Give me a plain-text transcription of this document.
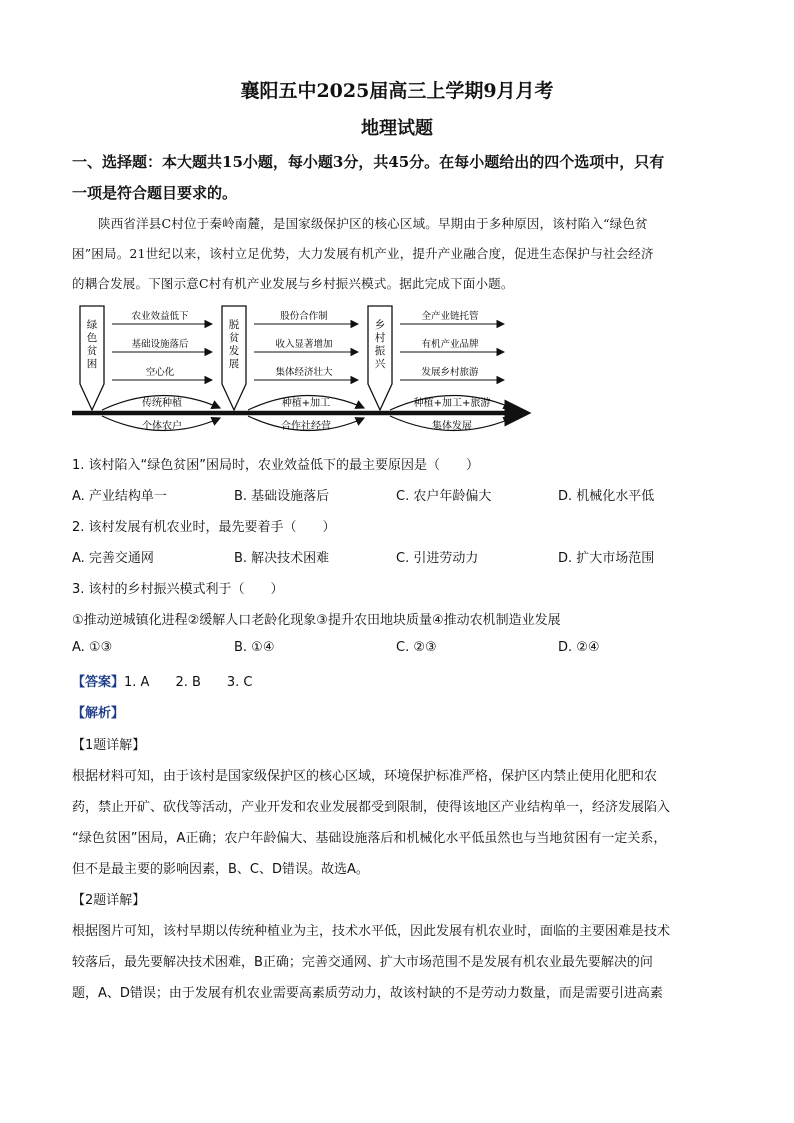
襄阳五中2025届高三上学期9月月考
地理试题
一、选择题：本大题共15小题，每小题3分，共45分。在每小题给出的四个选项中，只有
一项是符合题目要求的。
陕西省洋县C村位于秦岭南麓，是国家级保护区的核心区域。早期由于多种原因，该村陷入“绿色贫
困”困局。21世纪以来，该村立足优势，大力发展有机产业，提升产业融合度，促进生态保护与社会经济
的耦合发展。下图示意C村有机产业发展与乡村振兴模式。据此完成下面小题。
绿色贫困
脱贫发展
乡村振兴
农业效益低下
基础设施落后
空心化
股份合作制
收入显著增加
集体经济壮大
全产业链托管
有机产业品牌
发展乡村旅游
传统种植	种植+加工	种植+加工+旅游
个体农户	合作社经营	集体发展
1. 该村陷入“绿色贫困”困局时，农业效益低下的最主要原因是（　　）
A. 产业结构单一	B. 基础设施落后	C. 农户年龄偏大	D. 机械化水平低
2. 该村发展有机农业时，最先要着手（　　）
A. 完善交通网	B. 解决技术困难	C. 引进劳动力	D. 扩大市场范围
3. 该村的乡村振兴模式利于（　　）
①推动逆城镇化进程②缓解人口老龄化现象③提升农田地块质量④推动农机制造业发展
A. ①③	B. ①④	C. ②③	D. ②④
【答案】1. A　　2. B　　3. C
【解析】
【1题详解】
根据材料可知，由于该村是国家级保护区的核心区域，环境保护标准严格，保护区内禁止使用化肥和农
药，禁止开矿、砍伐等活动，产业开发和农业发展都受到限制，使得该地区产业结构单一，经济发展陷入
“绿色贫困”困局，A正确；农户年龄偏大、基础设施落后和机械化水平低虽然也与当地贫困有一定关系，
但不是最主要的影响因素，B、C、D错误。故选A。
【2题详解】
根据图片可知，该村早期以传统种植业为主，技术水平低，因此发展有机农业时，面临的主要困难是技术
较落后，最先要解决技术困难，B正确；完善交通网、扩大市场范围不是发展有机农业最先要解决的问
题，A、D错误；由于发展有机农业需要高素质劳动力，故该村缺的不是劳动力数量，而是需要引进高素
